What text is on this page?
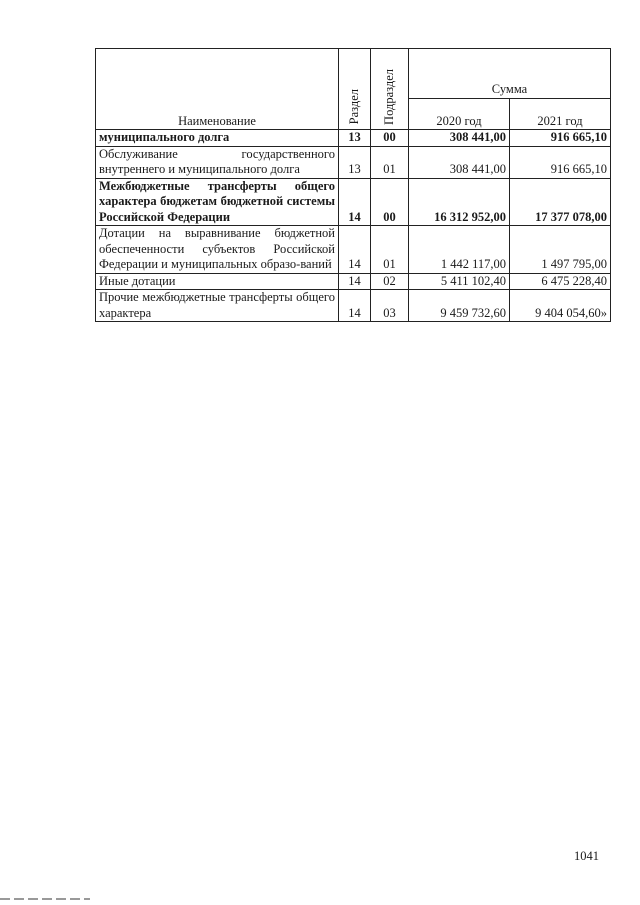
Наименование	Раздел	Подраздел	Сумма	
			2020 год	2021 год
муниципального долга	13	00	308 441,00	916 665,10
Обслуживание государственного внутреннего и муниципального долга	13	01	308 441,00	916 665,10
Межбюджетные трансферты общего характера бюджетам бюджетной системы Российской Федерации	14	00	16 312 952,00	17 377 078,00
Дотации на выравнивание бюджетной обеспеченности субъектов Российской Федерации и муниципальных образо-ваний	14	01	1 442 117,00	1 497 795,00
Иные дотации	14	02	5 411 102,40	6 475 228,40
Прочие межбюджетные трансферты общего характера	14	03	9 459 732,60	9 404 054,60»
1041
